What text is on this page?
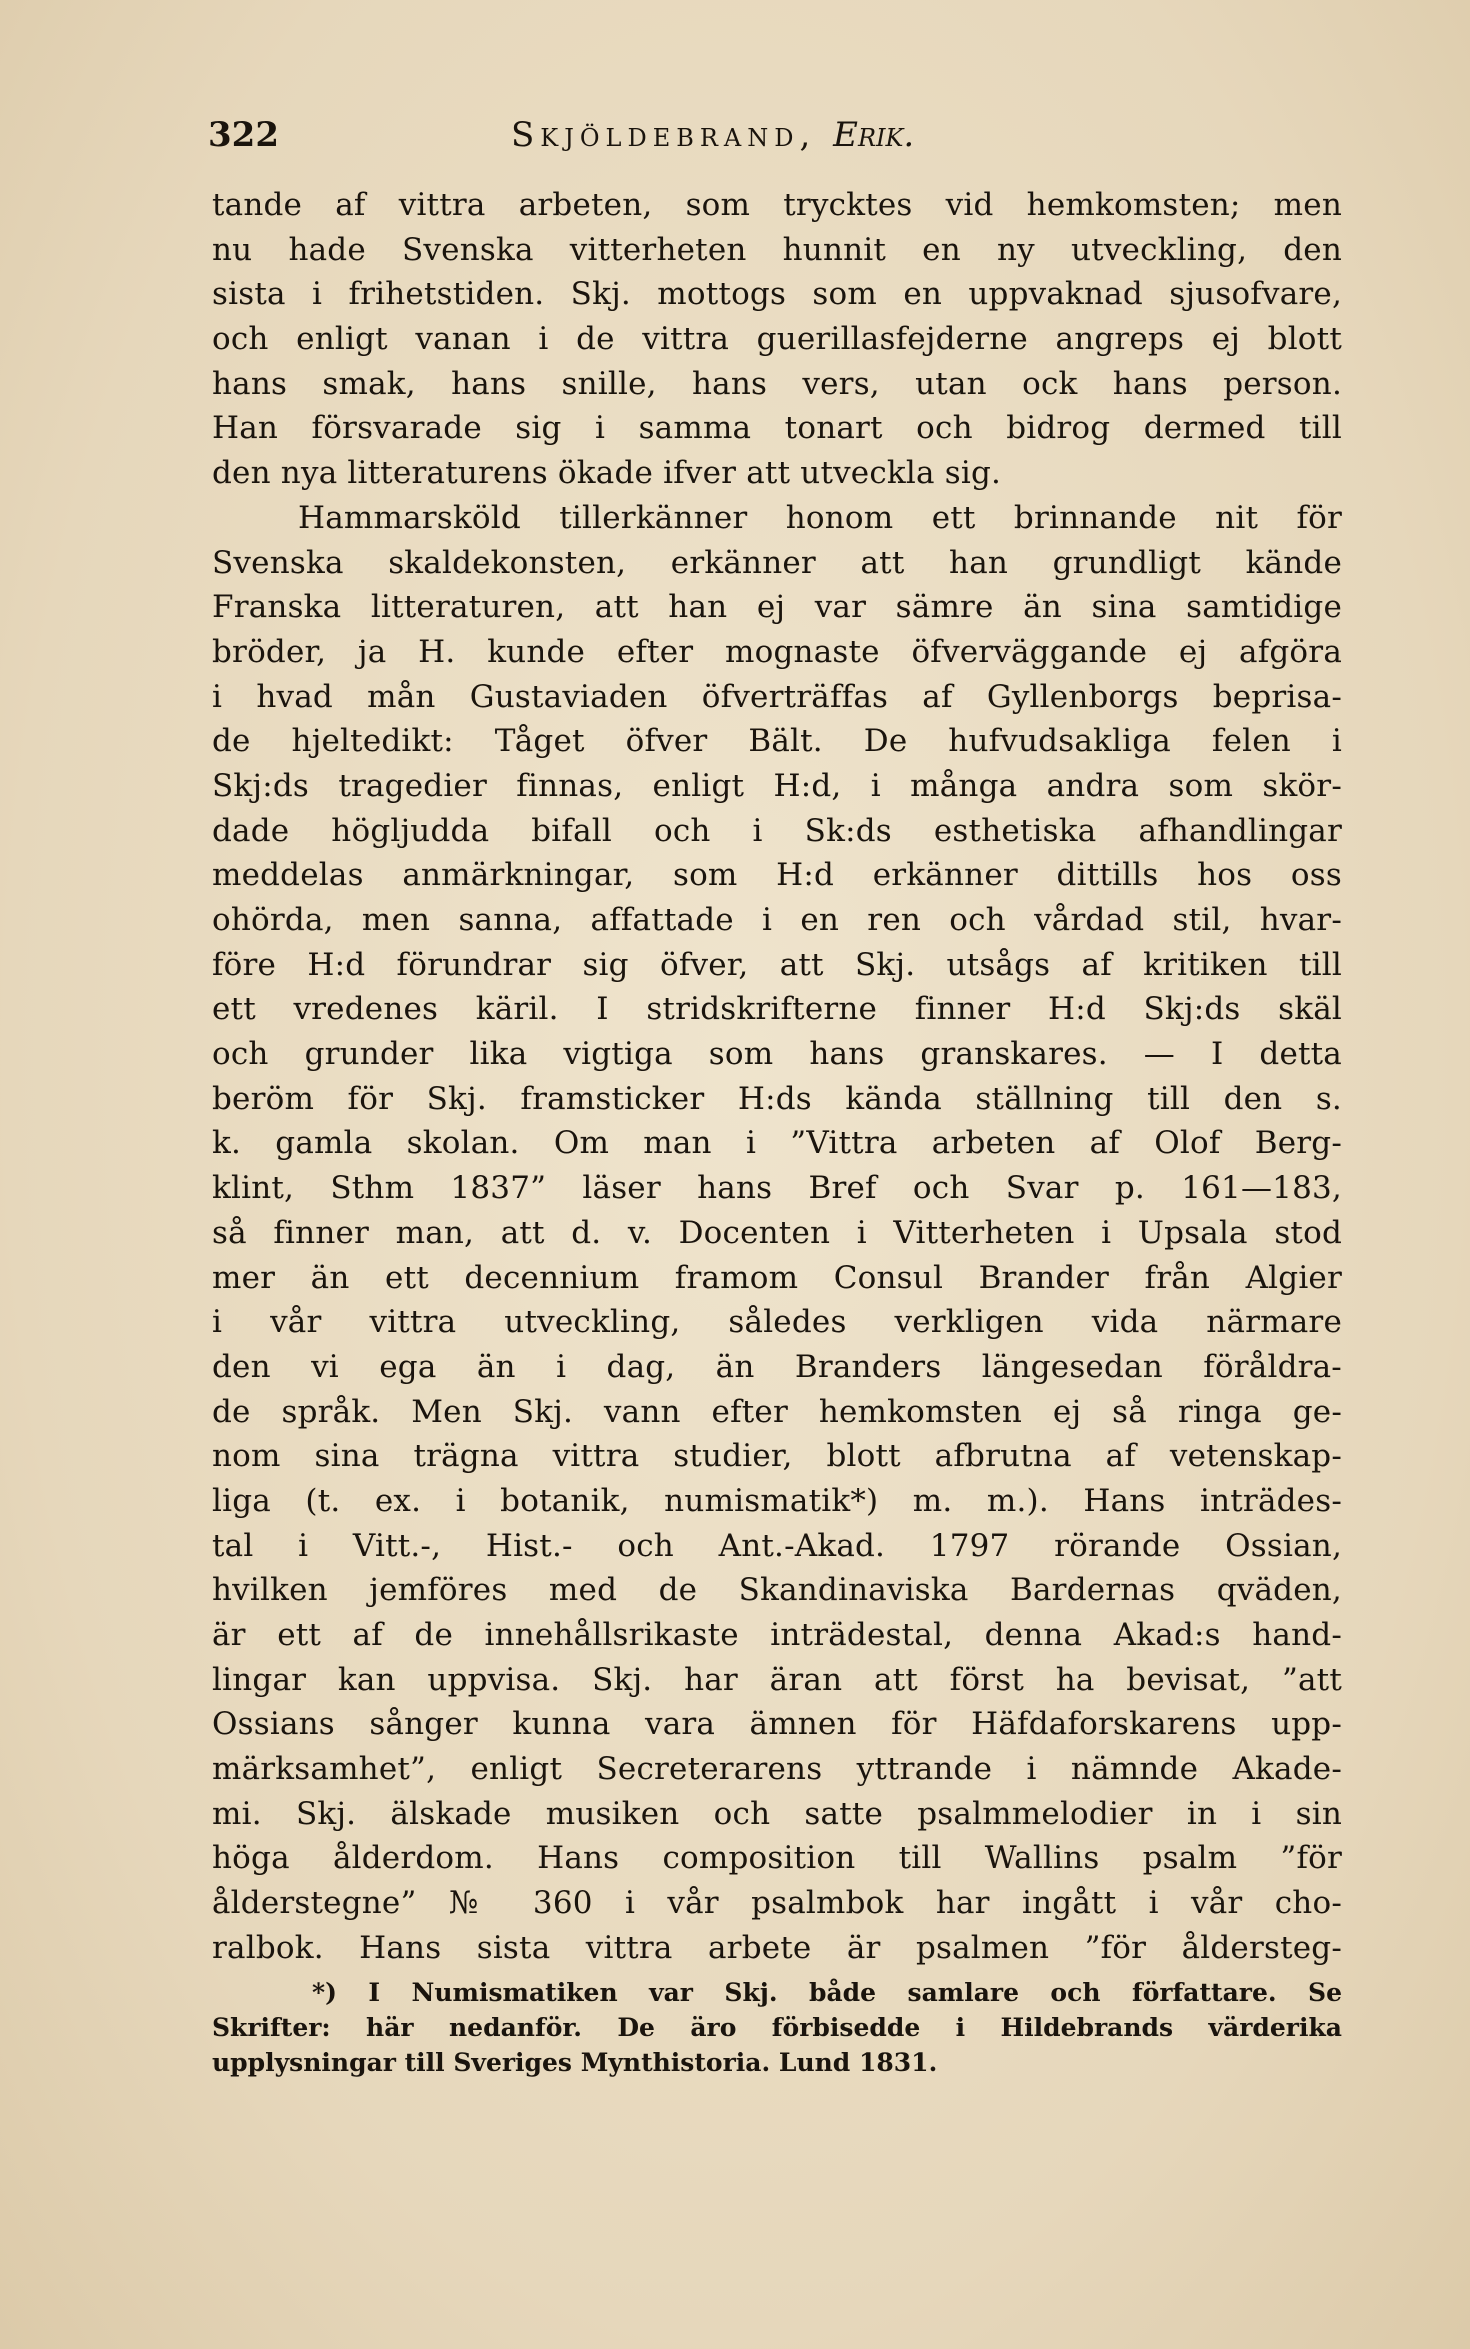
322	Skjöldebrand, Erik.
tande af vittra arbeten, som trycktes vid hemkomsten; men
nu hade Svenska vitterheten hunnit en ny utveckling, den
sista i frihetstiden. Skj. mottogs som en uppvaknad sjusofvare,
och enligt vanan i de vittra guerillasfejderne angreps ej blott
hans smak, hans snille, hans vers, utan ock hans person.
Han försvarade sig i samma tonart och bidrog dermed till
den nya litteraturens ökade ifver att utveckla sig.
Hammarsköld tillerkänner honom ett brinnande nit för
Svenska skaldekonsten, erkänner att han grundligt kände
Franska litteraturen, att han ej var sämre än sina samtidige
bröder, ja H. kunde efter mognaste öfverväggande ej afgöra
i hvad mån Gustaviaden öfverträffas af Gyllenborgs beprisa-
de hjeltedikt: Tåget öfver Bält. De hufvudsakliga felen i
Skj:ds tragedier finnas, enligt H:d, i många andra som skör-
dade högljudda bifall och i Sk:ds esthetiska afhandlingar
meddelas anmärkningar, som H:d erkänner dittills hos oss
ohörda, men sanna, affattade i en ren och vårdad stil, hvar-
före H:d förundrar sig öfver, att Skj. utsågs af kritiken till
ett vredenes käril. I stridskrifterne finner H:d Skj:ds skäl
och grunder lika vigtiga som hans granskares. — I detta
beröm för Skj. framsticker H:ds kända ställning till den s.
k. gamla skolan. Om man i ”Vittra arbeten af Olof Berg-
klint, Sthm 1837” läser hans Bref och Svar p. 161—183,
så finner man, att d. v. Docenten i Vitterheten i Upsala stod
mer än ett decennium framom Consul Brander från Algier
i vår vittra utveckling, således verkligen vida närmare
den vi ega än i dag, än Branders längesedan föråldra-
de språk. Men Skj. vann efter hemkomsten ej så ringa ge-
nom sina trägna vittra studier, blott afbrutna af vetenskap-
liga (t. ex. i botanik, numismatik*) m. m.). Hans inträdes-
tal i Vitt.-, Hist.- och Ant.-Akad. 1797 rörande Ossian,
hvilken jemföres med de Skandinaviska Bardernas qväden,
är ett af de innehållsrikaste inträdestal, denna Akad:s hand-
lingar kan uppvisa. Skj. har äran att först ha bevisat, ”att
Ossians sånger kunna vara ämnen för Häfdaforskarens upp-
märksamhet”, enligt Secreterarens yttrande i nämnde Akade-
mi. Skj. älskade musiken och satte psalmmelodier in i sin
höga ålderdom. Hans composition till Wallins psalm ”för
ålderstegne” № 360 i vår psalmbok har ingått i vår cho-
ralbok. Hans sista vittra arbete är psalmen ”för åldersteg-
*) I Numismatiken var Skj. både samlare och författare. Se
Skrifter: här nedanför. De äro förbisedde i Hildebrands värderika
upplysningar till Sveriges Mynthistoria. Lund 1831.
